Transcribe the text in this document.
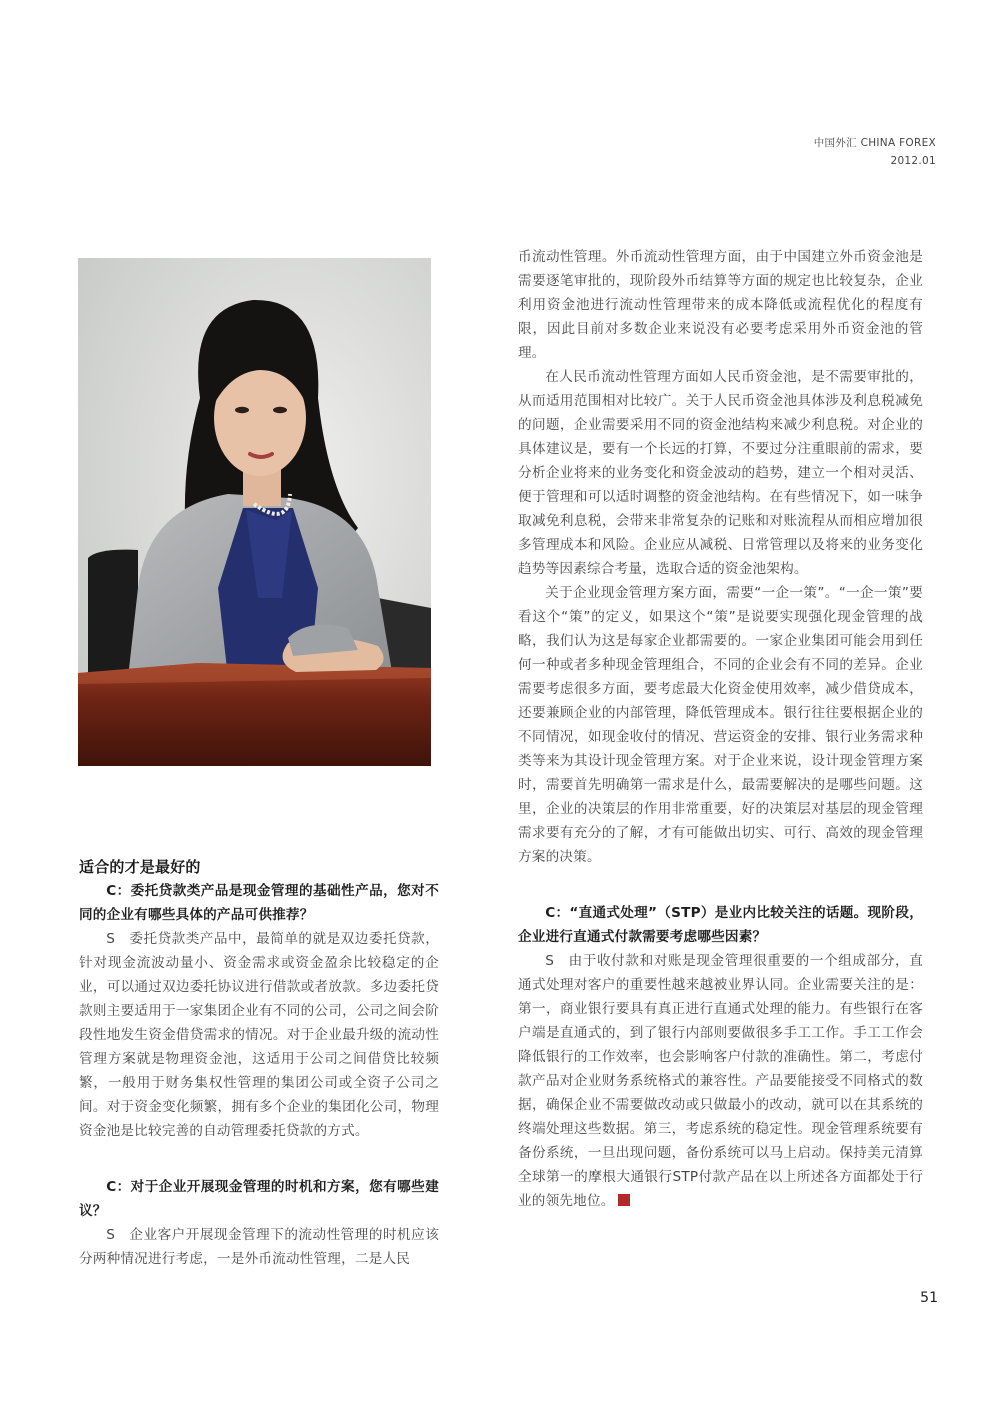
中国外汇 CHINA FOREX
2012.01
适合的才是最好的

C：委托贷款类产品是现金管理的基础性产品，您对不同的企业有哪些具体的产品可供推荐？

S　委托贷款类产品中，最简单的就是双边委托贷款，针对现金流波动量小、资金需求或资金盈余比较稳定的企业，可以通过双边委托协议进行借款或者放款。多边委托贷款则主要适用于一家集团企业有不同的公司，公司之间会阶段性地发生资金借贷需求的情况。对于企业最升级的流动性管理方案就是物理资金池，这适用于公司之间借贷比较频繁，一般用于财务集权性管理的集团公司或全资子公司之间。对于资金变化频繁，拥有多个企业的集团化公司，物理资金池是比较完善的自动管理委托贷款的方式。

C：对于企业开展现金管理的时机和方案，您有哪些建议？

S　企业客户开展现金管理下的流动性管理的时机应该分两种情况进行考虑，一是外币流动性管理，二是人民

币流动性管理。外币流动性管理方面，由于中国建立外币资金池是需要逐笔审批的，现阶段外币结算等方面的规定也比较复杂，企业利用资金池进行流动性管理带来的成本降低或流程优化的程度有限，因此目前对多数企业来说没有必要考虑采用外币资金池的管理。

在人民币流动性管理方面如人民币资金池，是不需要审批的，从而适用范围相对比较广。关于人民币资金池具体涉及利息税减免的问题，企业需要采用不同的资金池结构来减少利息税。对企业的具体建议是，要有一个长远的打算，不要过分注重眼前的需求，要分析企业将来的业务变化和资金波动的趋势，建立一个相对灵活、便于管理和可以适时调整的资金池结构。在有些情况下，如一味争取减免利息税，会带来非常复杂的记账和对账流程从而相应增加很多管理成本和风险。企业应从减税、日常管理以及将来的业务变化趋势等因素综合考量，选取合适的资金池架构。

关于企业现金管理方案方面，需要“一企一策”。“一企一策”要看这个“策”的定义，如果这个“策”是说要实现强化现金管理的战略，我们认为这是每家企业都需要的。一家企业集团可能会用到任何一种或者多种现金管理组合，不同的企业会有不同的差异。企业需要考虑很多方面，要考虑最大化资金使用效率，减少借贷成本，还要兼顾企业的内部管理，降低管理成本。银行往往要根据企业的不同情况，如现金收付的情况、营运资金的安排、银行业务需求种类等来为其设计现金管理方案。对于企业来说，设计现金管理方案时，需要首先明确第一需求是什么，最需要解决的是哪些问题。这里，企业的决策层的作用非常重要，好的决策层对基层的现金管理需求要有充分的了解，才有可能做出切实、可行、高效的现金管理方案的决策。

C：“直通式处理”（STP）是业内比较关注的话题。现阶段，企业进行直通式付款需要考虑哪些因素？

S　由于收付款和对账是现金管理很重要的一个组成部分，直通式处理对客户的重要性越来越被业界认同。企业需要关注的是：第一，商业银行要具有真正进行直通式处理的能力。有些银行在客户端是直通式的，到了银行内部则要做很多手工工作。手工工作会降低银行的工作效率，也会影响客户付款的准确性。第二，考虑付款产品对企业财务系统格式的兼容性。产品要能接受不同格式的数据，确保企业不需要做改动或只做最小的改动，就可以在其系统的终端处理这些数据。第三，考虑系统的稳定性。现金管理系统要有备份系统，一旦出现问题，备份系统可以马上启动。保持美元清算全球第一的摩根大通银行STP付款产品在以上所述各方面都处于行业的领先地位。

51
